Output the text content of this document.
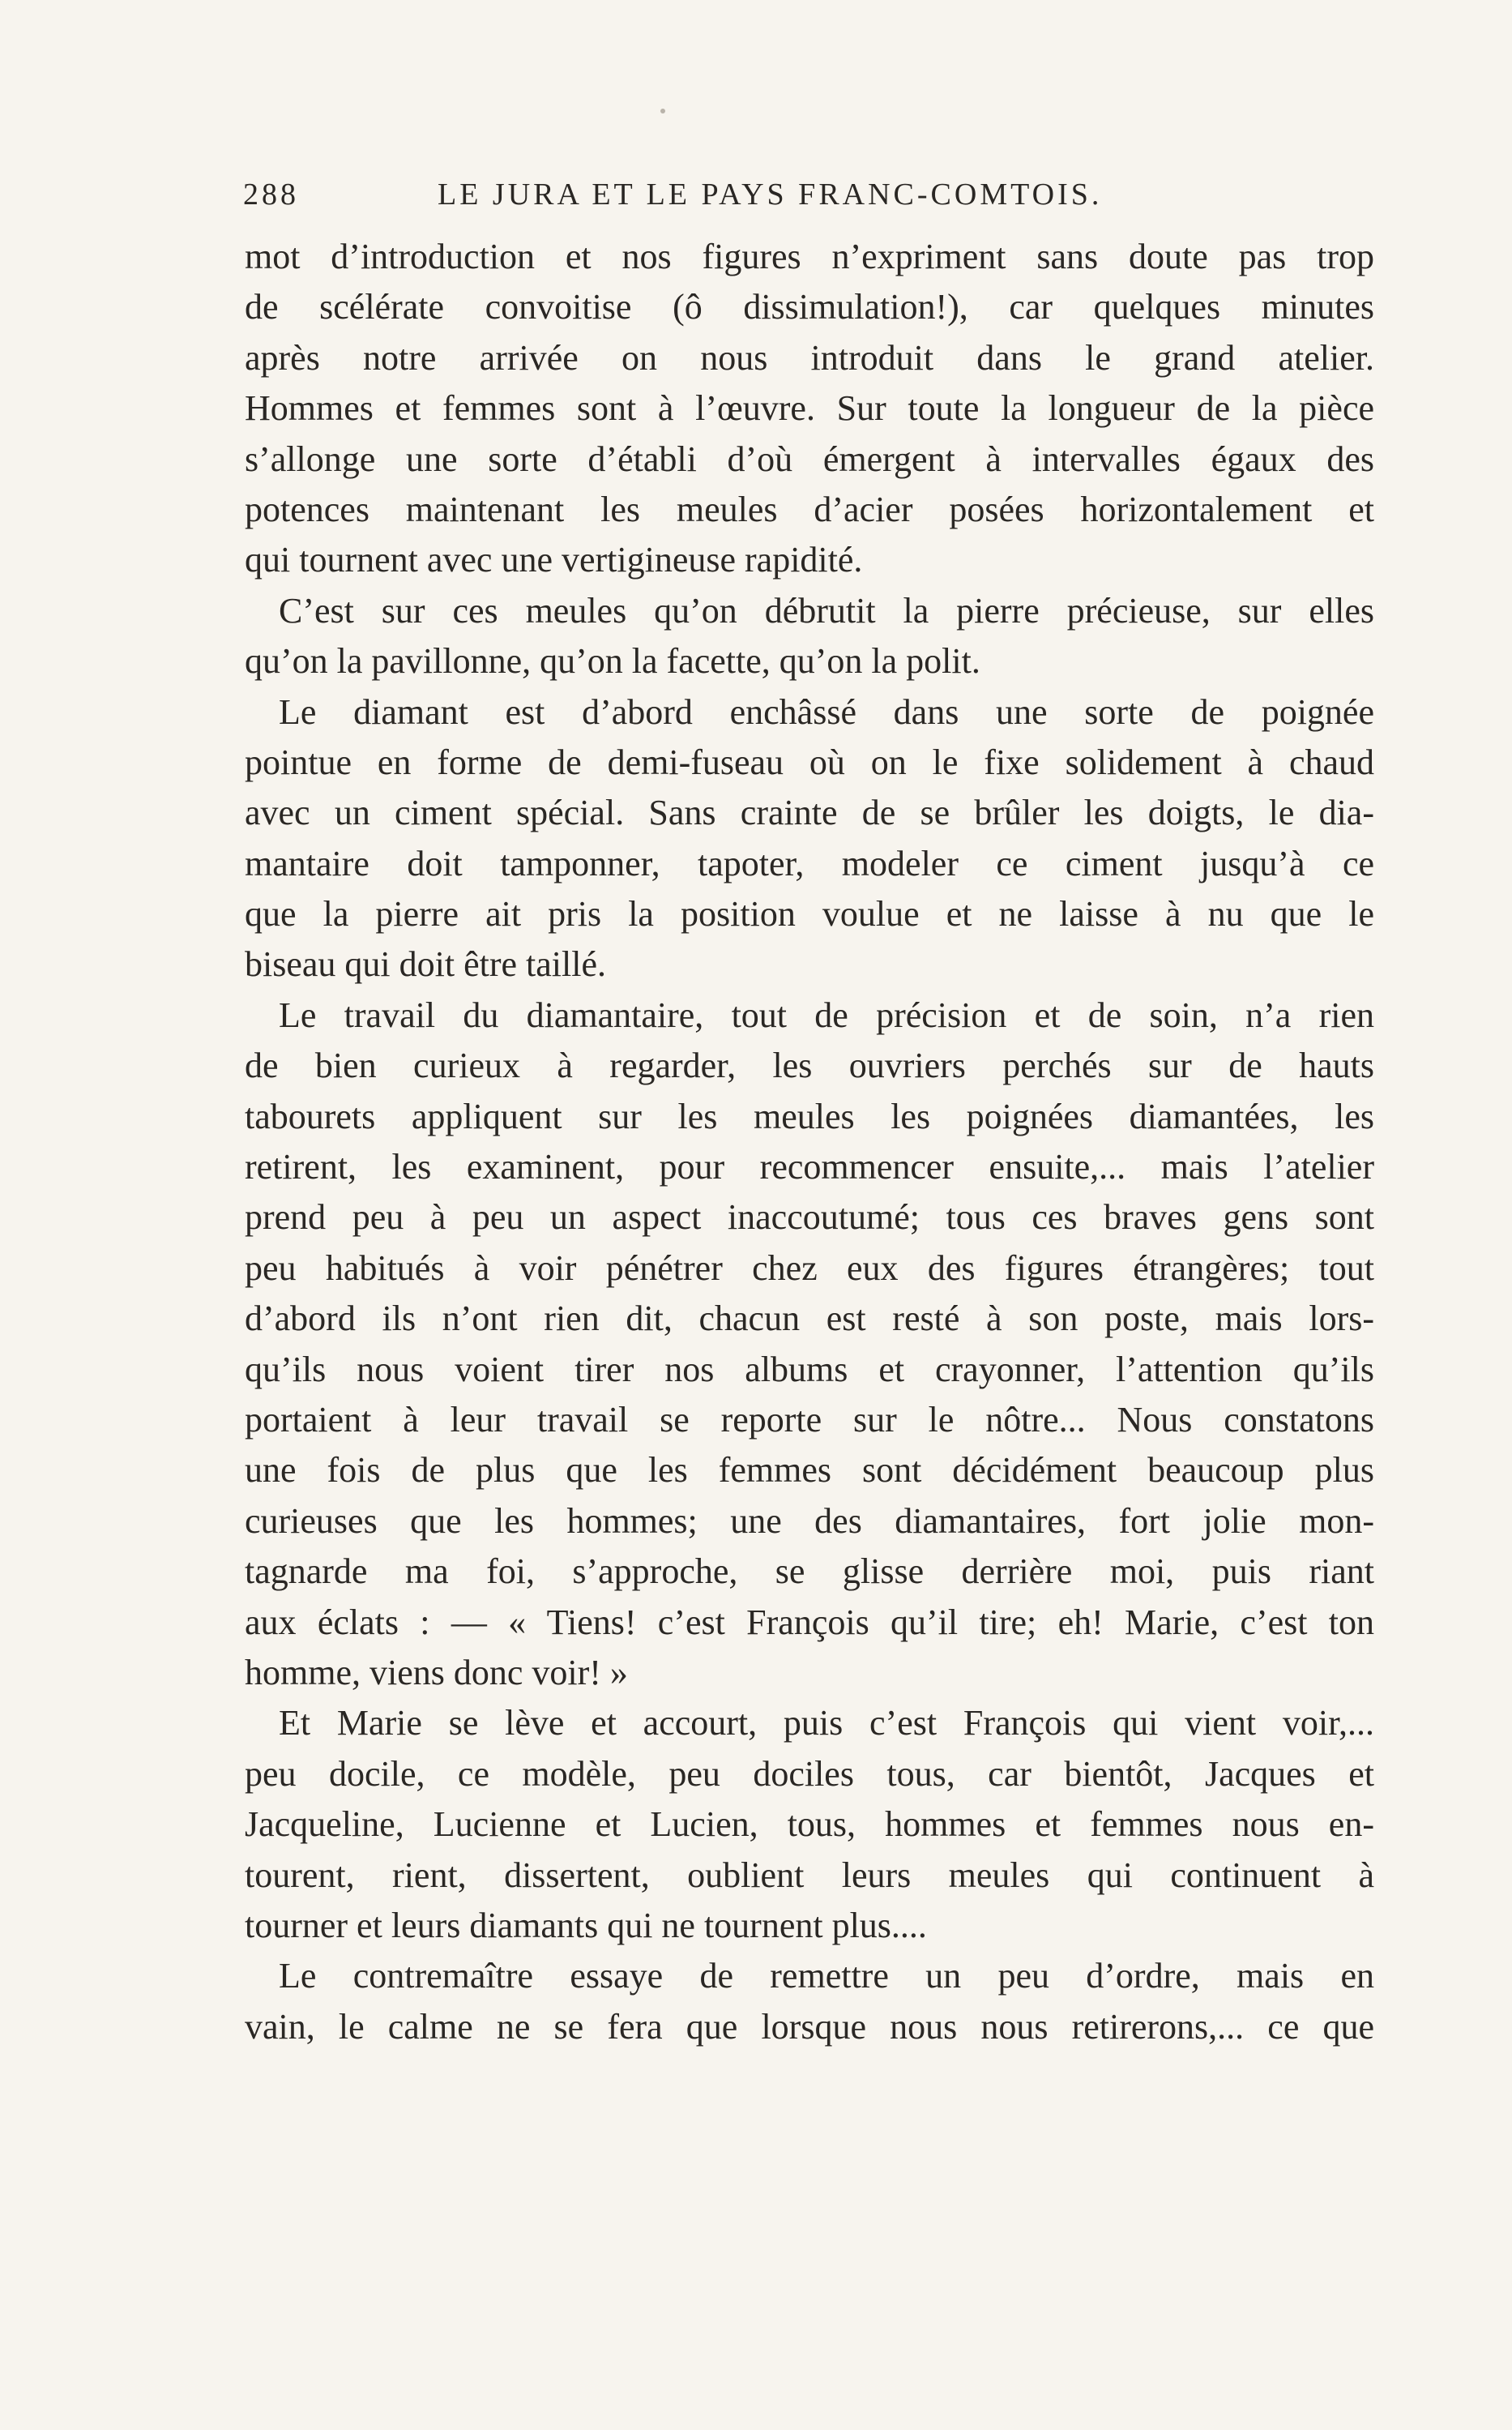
288	LE JURA ET LE PAYS FRANC-COMTOIS.
mot d’introduction et nos figures n’expriment sans doute pas trop
de scélérate convoitise (ô dissimulation!), car quelques minutes
après notre arrivée on nous introduit dans le grand atelier.
Hommes et femmes sont à l’œuvre. Sur toute la longueur de la pièce
s’allonge une sorte d’établi d’où émergent à intervalles égaux des
potences maintenant les meules d’acier posées horizontalement et
qui tournent avec une vertigineuse rapidité.
C’est sur ces meules qu’on débrutit la pierre précieuse, sur elles
qu’on la pavillonne, qu’on la facette, qu’on la polit.
Le diamant est d’abord enchâssé dans une sorte de poignée
pointue en forme de demi-fuseau où on le fixe solidement à chaud
avec un ciment spécial. Sans crainte de se brûler les doigts, le dia-
mantaire doit tamponner, tapoter, modeler ce ciment jusqu’à ce
que la pierre ait pris la position voulue et ne laisse à nu que le
biseau qui doit être taillé.
Le travail du diamantaire, tout de précision et de soin, n’a rien
de bien curieux à regarder, les ouvriers perchés sur de hauts
tabourets appliquent sur les meules les poignées diamantées, les
retirent, les examinent, pour recommencer ensuite,... mais l’atelier
prend peu à peu un aspect inaccoutumé; tous ces braves gens sont
peu habitués à voir pénétrer chez eux des figures étrangères; tout
d’abord ils n’ont rien dit, chacun est resté à son poste, mais lors-
qu’ils nous voient tirer nos albums et crayonner, l’attention qu’ils
portaient à leur travail se reporte sur le nôtre... Nous constatons
une fois de plus que les femmes sont décidément beaucoup plus
curieuses que les hommes; une des diamantaires, fort jolie mon-
tagnarde ma foi, s’approche, se glisse derrière moi, puis riant
aux éclats : — « Tiens! c’est François qu’il tire; eh! Marie, c’est ton
homme, viens donc voir! »
Et Marie se lève et accourt, puis c’est François qui vient voir,...
peu docile, ce modèle, peu dociles tous, car bientôt, Jacques et
Jacqueline, Lucienne et Lucien, tous, hommes et femmes nous en-
tourent, rient, dissertent, oublient leurs meules qui continuent à
tourner et leurs diamants qui ne tournent plus....
Le contremaître essaye de remettre un peu d’ordre, mais en
vain, le calme ne se fera que lorsque nous nous retirerons,... ce que
